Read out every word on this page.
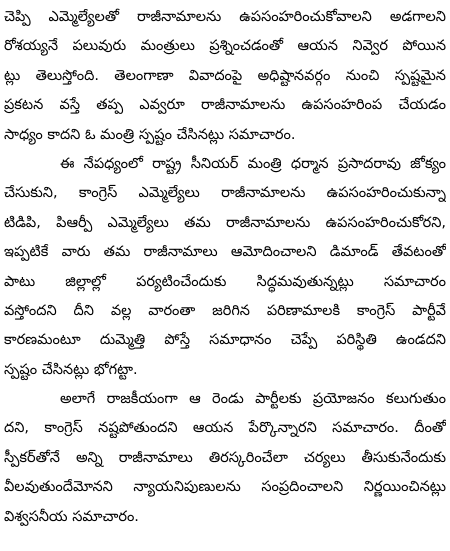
చెప్పి ఎమ్మెల్యేలతో రాజీనామాలను ఉపసంహరించుకోవాలని అడగాలని
రోశయ్యనే పలువురు మంత్రులు ప్రశ్నించడంతో ఆయన నివ్వెర పోయిన
ట్లు తెలుస్తోంది. తెలంగాణా వివాదంపై అధిష్టానవర్గం నుంచి స్పష్టమైన
ప్రకటన వస్తే తప్ప ఎవ్వరూ రాజీనామాలను ఉపసంహరింప చేయడం
సాధ్యం కాదని ఓ మంత్రి స్పష్టం చేసినట్లు సమాచారం.
ఈ నేపధ్యంలో రాష్ట్ర సీనియర్ మంత్రి ధర్మాన ప్రసాదరావు జోక్యం
చేసుకుని, కాంగ్రెస్ ఎమ్మెల్యేలు రాజీనామాలను ఉపసంహరించుకున్నా
టిడిపి, పిఆర్పీ ఎమ్మెల్యేలు తమ రాజీనామాలను ఉపసంహరించుకోరని,
ఇప్పటికే వారు తమ రాజీనామాలు ఆమోదించాలని డిమాండ్ తేవటంతో
పాటు జిల్లాల్లో పర్యటించేందుకు సిద్ధమవుతున్నట్లు సమాచారం
వస్తోందని దీని వల్ల వారంతా జరిగిన పరిణామాలకి కాంగ్రెస్ పార్టీవే
కారణమంటూ దుమ్మెత్తి పోస్తే సమాధానం చెప్పే పరిస్థితి ఉండదని
స్పష్టం చేసినట్లు భోగట్టా.
అలాగే రాజకీయంగా ఆ రెండు పార్టీలకు ప్రయోజనం కలుగుతుం
దని, కాంగ్రెస్ నష్టపోతుందని ఆయన పేర్కొన్నారని సమాచారం. దీంతో
స్పీకర్‌తోనే అన్ని రాజీనామాలు తిరస్కరించేలా చర్యలు తీసుకునేందుకు
వీలవుతుందేమోనని న్యాయనిపుణులను సంప్రదించాలని నిర్ణయించినట్లు
విశ్వసనీయ సమాచారం.
